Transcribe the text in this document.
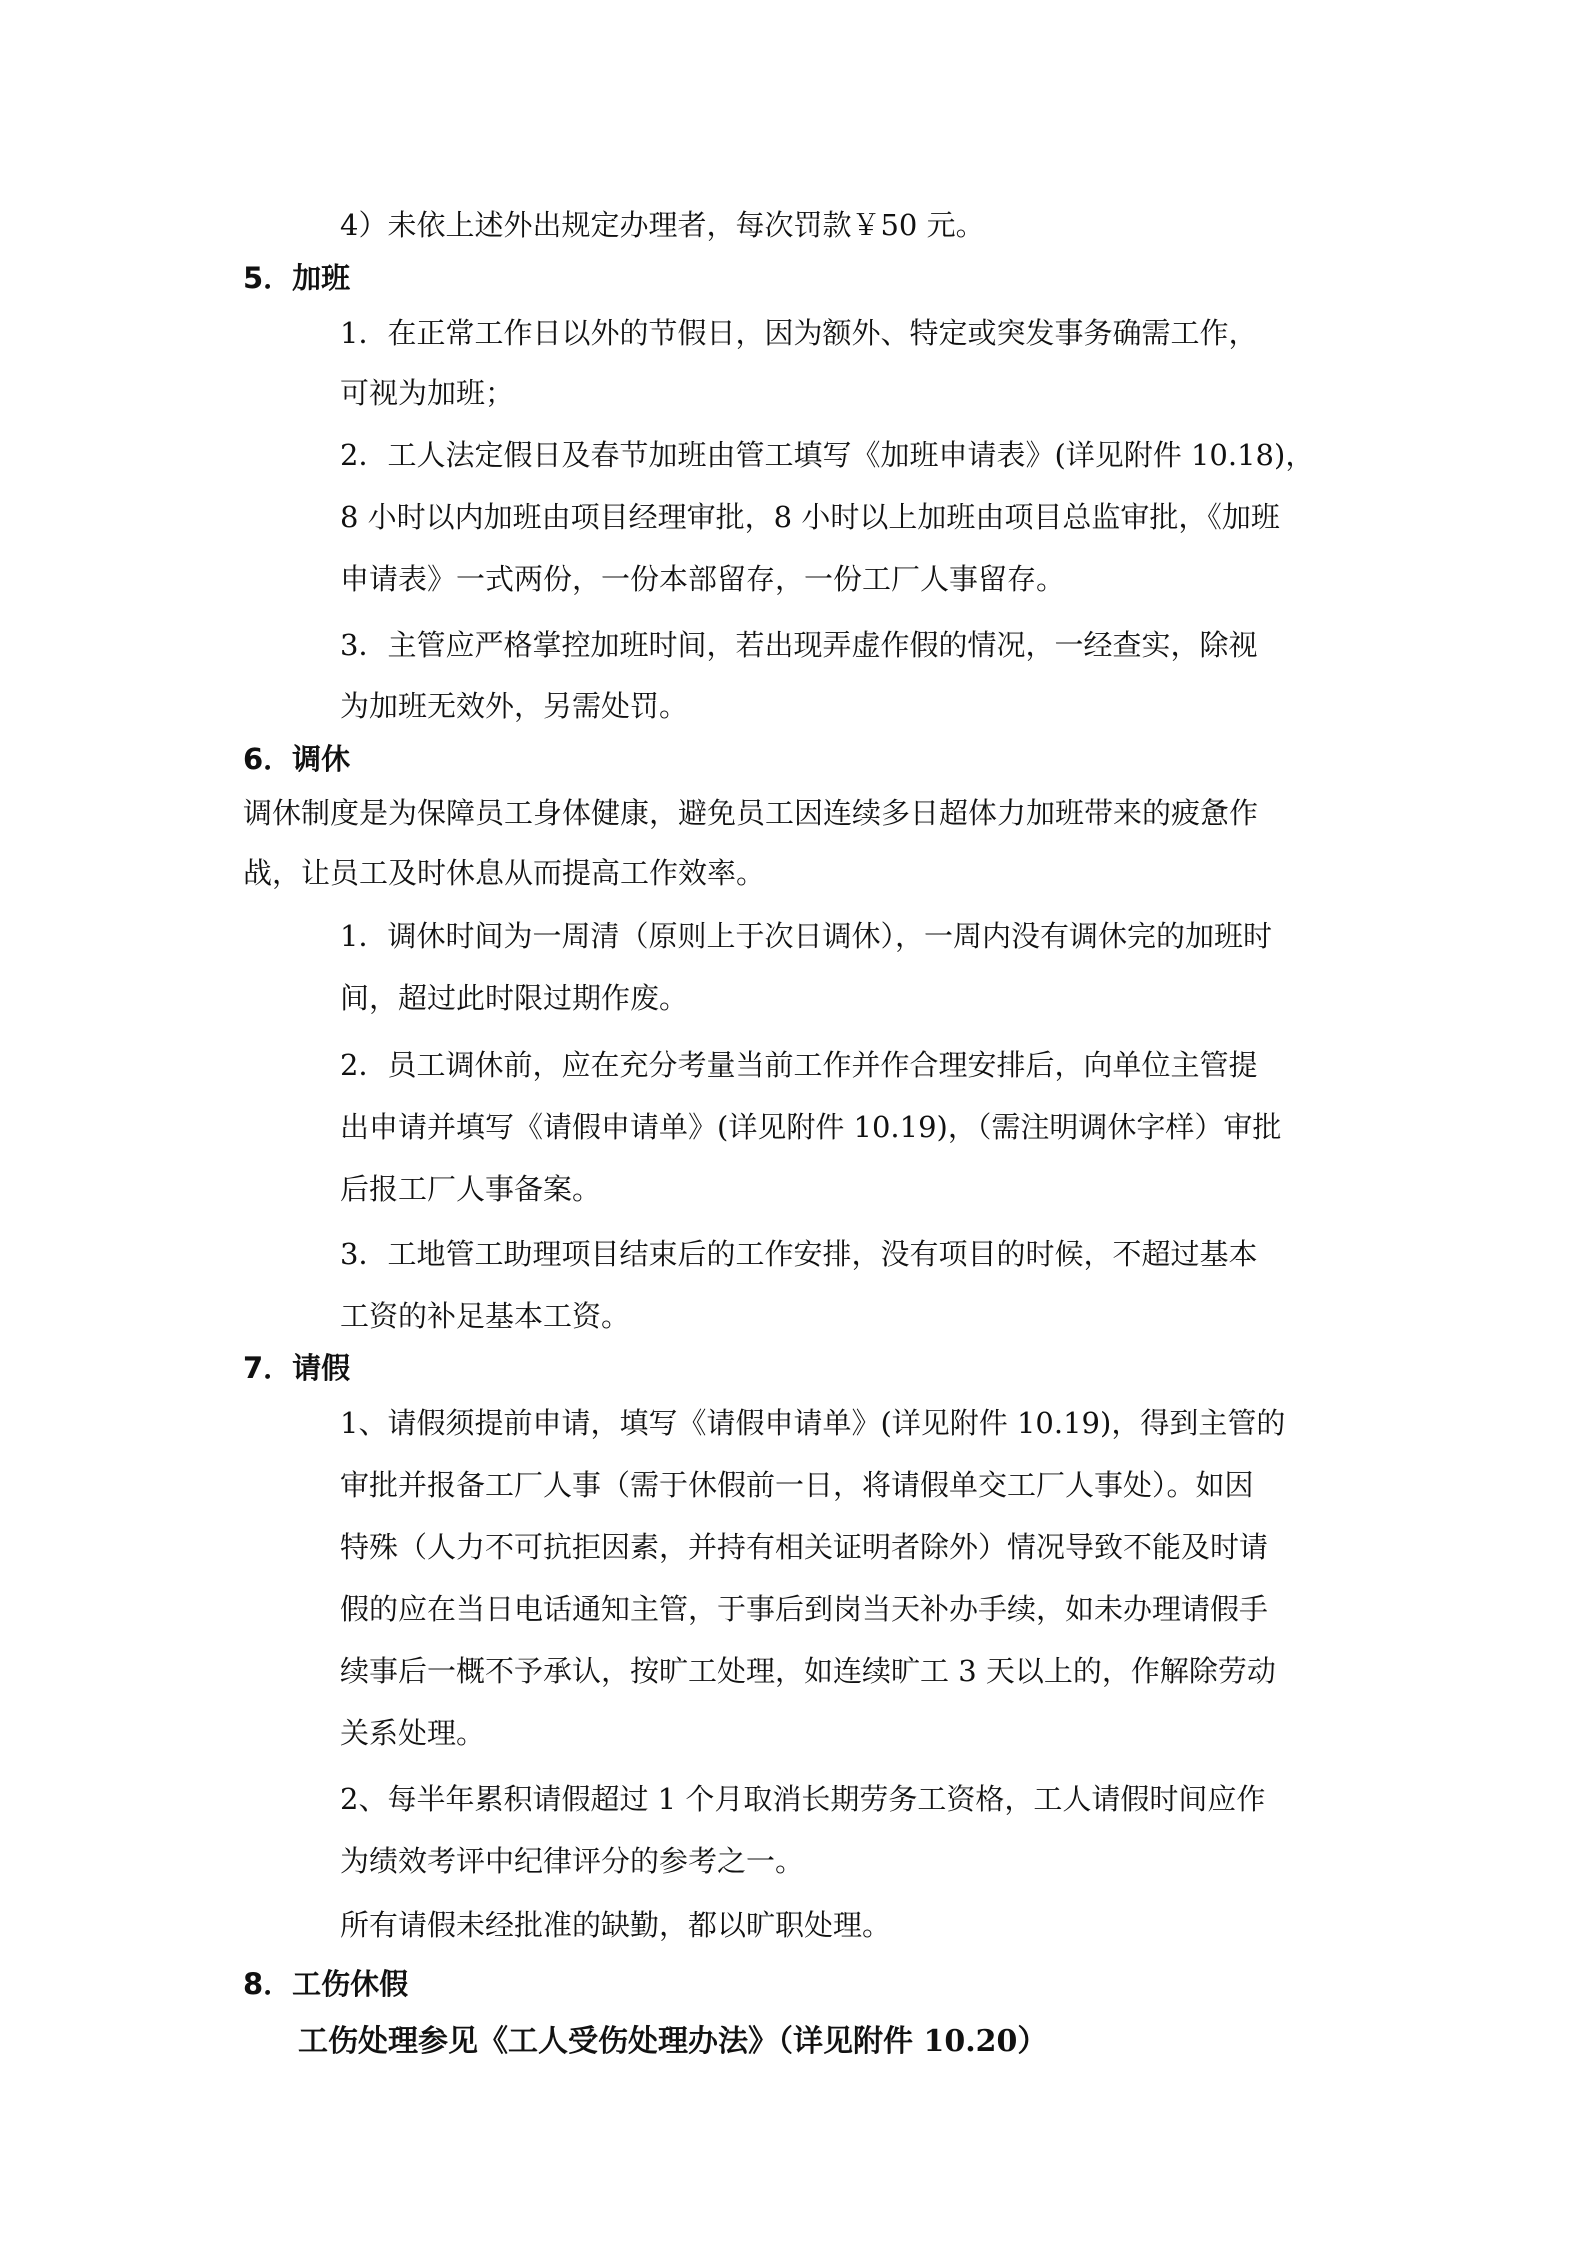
4）未依上述外出规定办理者，每次罚款￥50 元。
5．加班
1．在正常工作日以外的节假日，因为额外、特定或突发事务确需工作，
可视为加班；
2．工人法定假日及春节加班由管工填写《加班申请表》(详见附件 10.18)，
8 小时以内加班由项目经理审批，8 小时以上加班由项目总监审批，《加班
申请表》一式两份，一份本部留存，一份工厂人事留存。
3．主管应严格掌控加班时间，若出现弄虚作假的情况，一经查实，除视
为加班无效外，另需处罚。
6．调休
调休制度是为保障员工身体健康，避免员工因连续多日超体力加班带来的疲惫作
战，让员工及时休息从而提高工作效率。
1．调休时间为一周清（原则上于次日调休），一周内没有调休完的加班时
间，超过此时限过期作废。
2．员工调休前，应在充分考量当前工作并作合理安排后，向单位主管提
出申请并填写《请假申请单》(详见附件 10.19)，（需注明调休字样）审批
后报工厂人事备案。
3．工地管工助理项目结束后的工作安排，没有项目的时候，不超过基本
工资的补足基本工资。
7．请假
1、请假须提前申请，填写《请假申请单》(详见附件 10.19)，得到主管的
审批并报备工厂人事（需于休假前一日，将请假单交工厂人事处）。如因
特殊（人力不可抗拒因素，并持有相关证明者除外）情况导致不能及时请
假的应在当日电话通知主管，于事后到岗当天补办手续，如未办理请假手
续事后一概不予承认，按旷工处理，如连续旷工 3 天以上的，作解除劳动
关系处理。
2、每半年累积请假超过 1 个月取消长期劳务工资格，工人请假时间应作
为绩效考评中纪律评分的参考之一。
所有请假未经批准的缺勤，都以旷职处理。
8．工伤休假
工伤处理参见《工人受伤处理办法》（详见附件 10.20）
